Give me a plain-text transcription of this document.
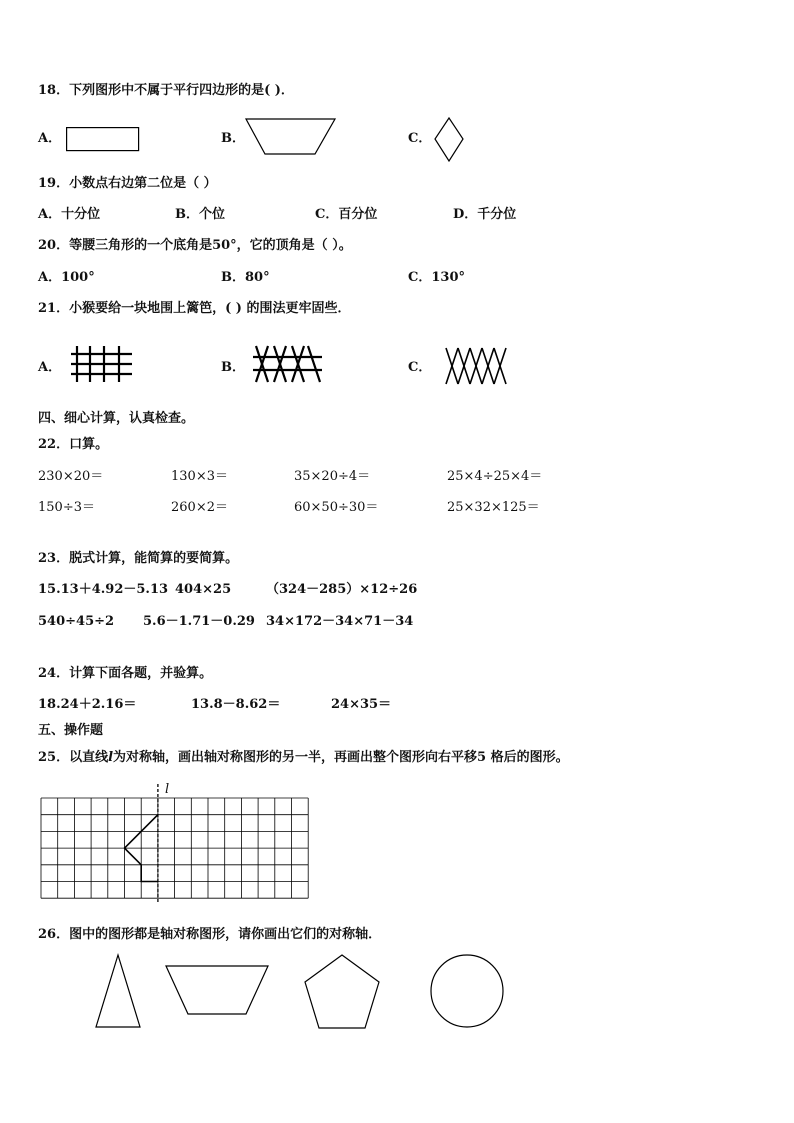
18．下列图形中不属于平行四边形的是( )．
A．	B．	C．
19．小数点右边第二位是（ ）
A．十分位	B．个位	C．百分位	D．千分位
20．等腰三角形的一个底角是50°，它的顶角是（ ）。
A．100°	B．80°	C．130°
21．小猴要给一块地围上篱笆，( ) 的围法更牢固些．
A．	B．	C．
四、细心计算，认真检查。
22．口算。
230×20＝	130×3＝	35×20÷4＝	25×4÷25×4＝
150÷3＝	260×2＝	60×50÷30＝	25×32×125＝
23．脱式计算，能简算的要简算。
15.13＋4.92－5.13 404×25	（324－285）×12÷26
540÷45÷2 5.6－1.71－0.29 34×172－34×71－34
24．计算下面各题，并验算。
18.24＋2.16＝	13.8－8.62＝	24×35＝
五、操作题
25．以直线l为对称轴，画出轴对称图形的另一半，再画出整个图形向右平移5 格后的图形。
l
26．图中的图形都是轴对称图形，请你画出它们的对称轴．
